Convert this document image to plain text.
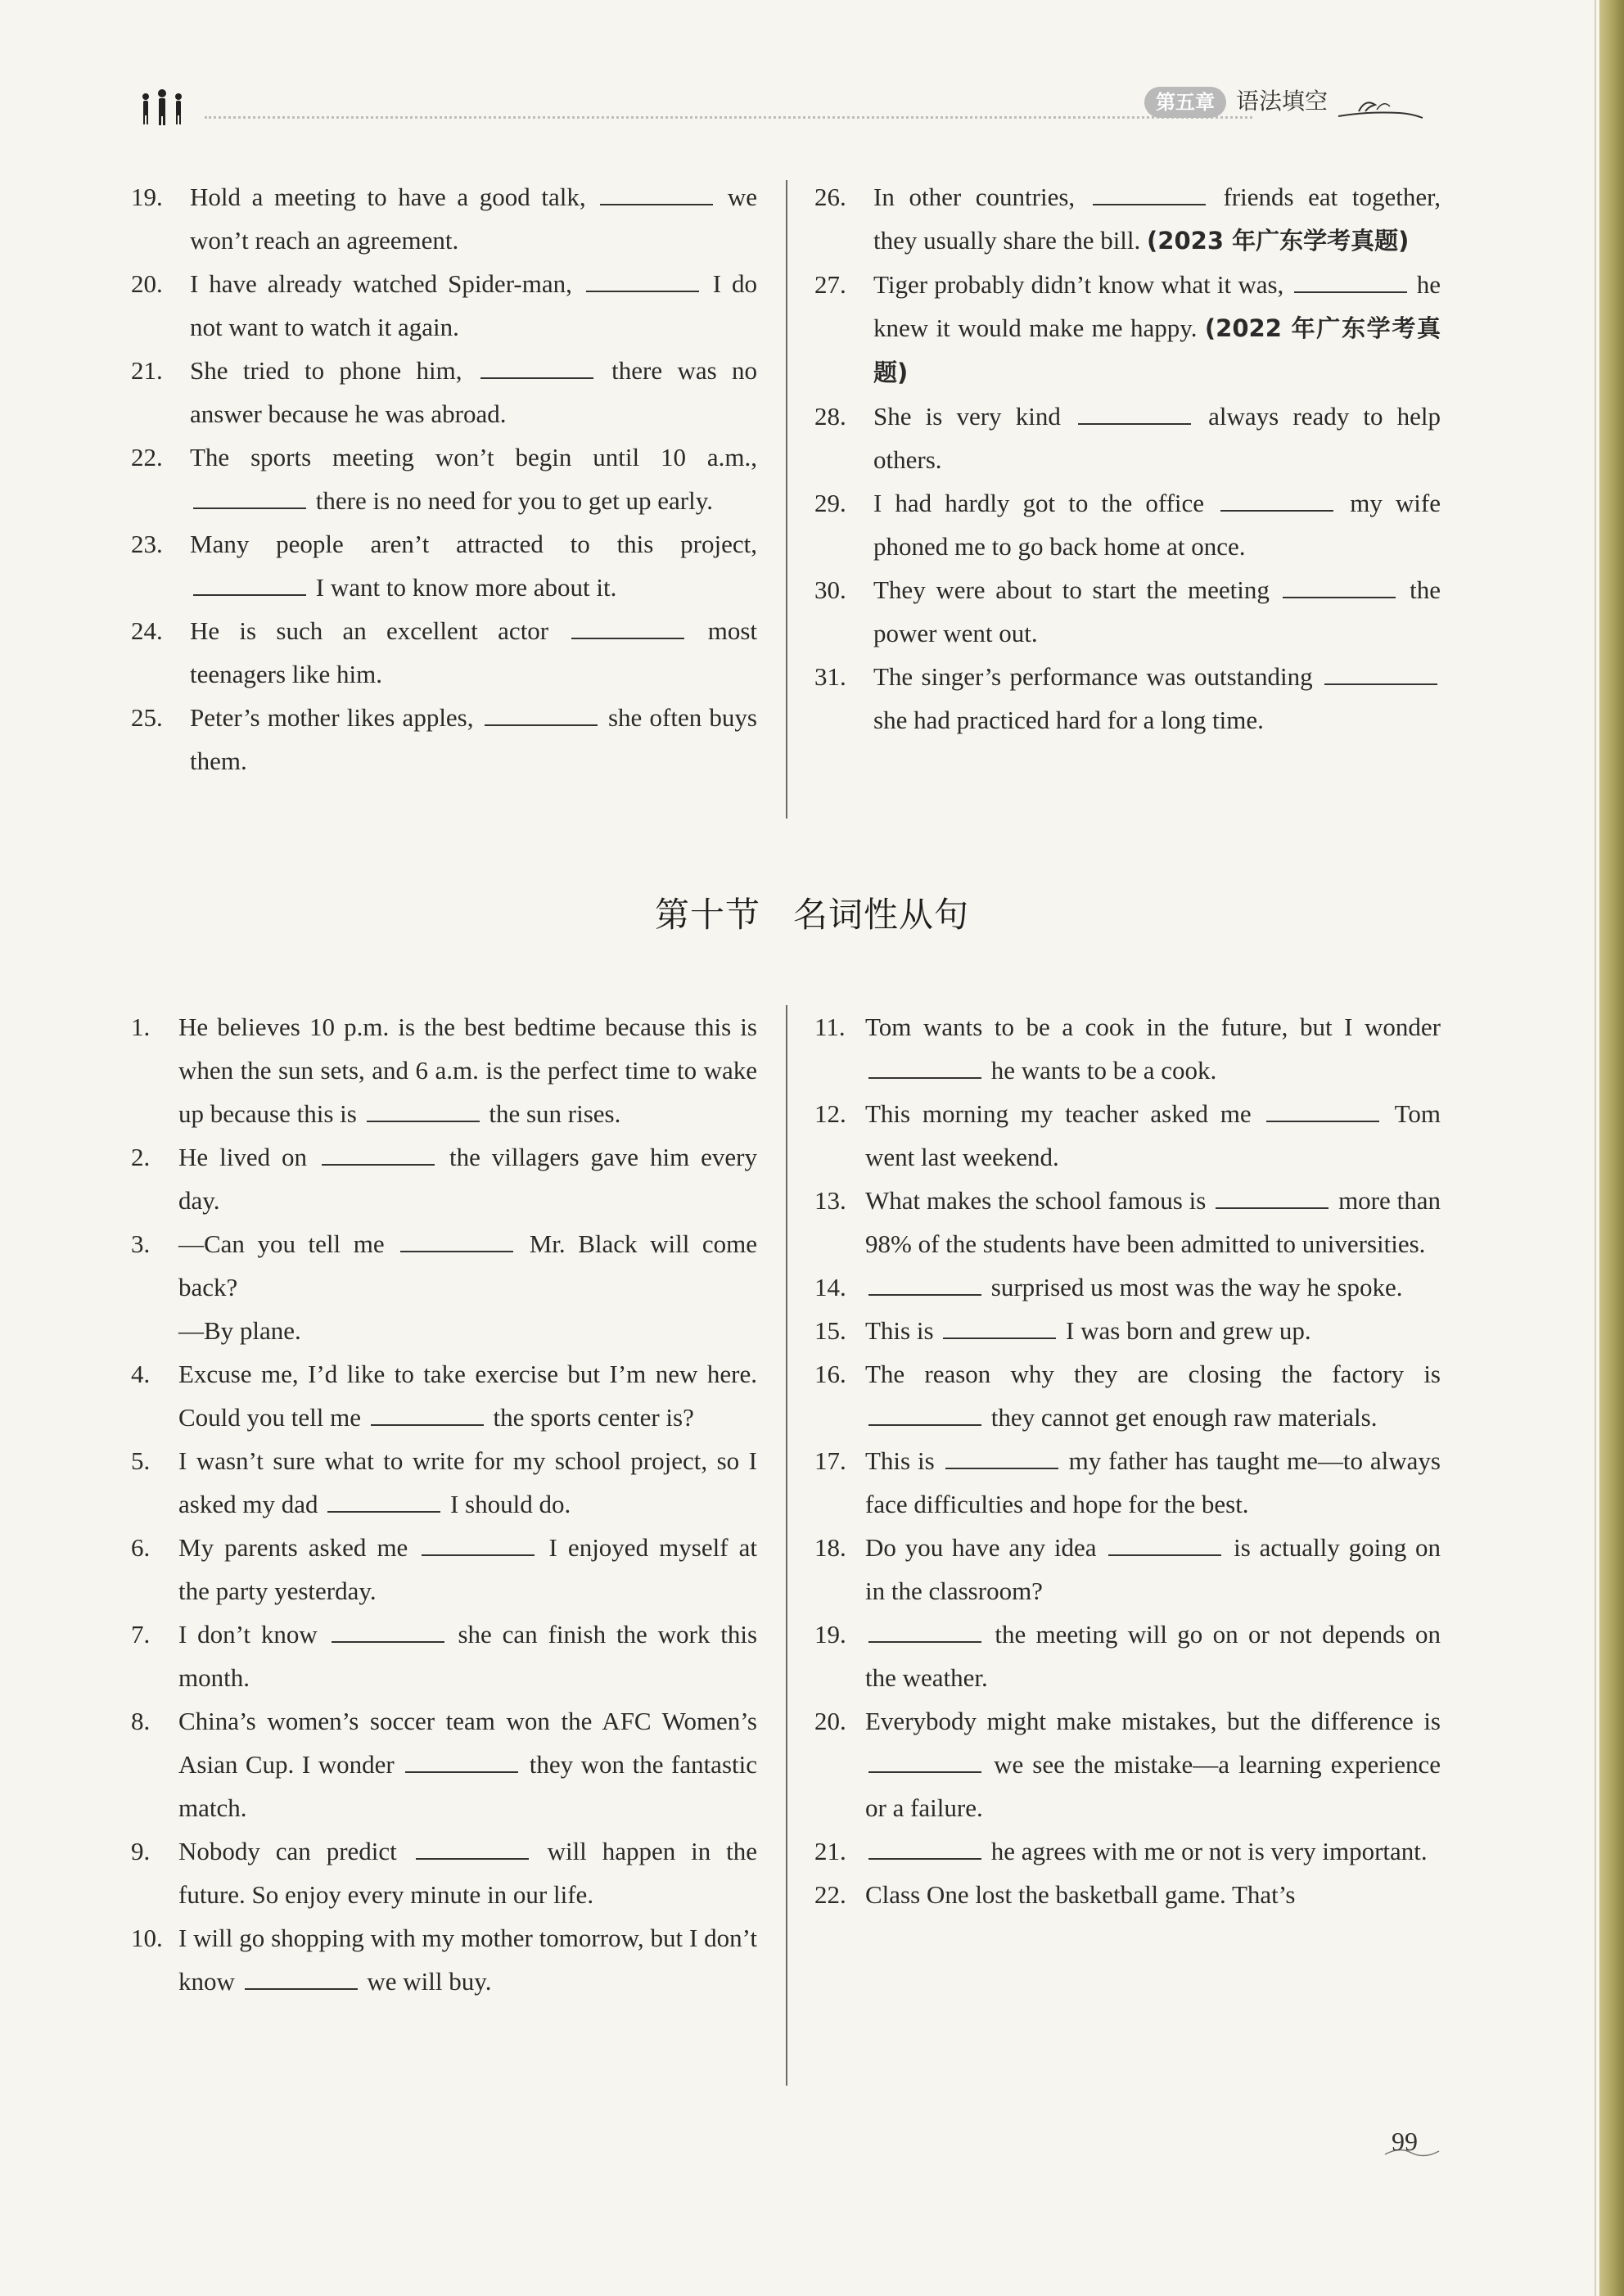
第五章 语法填空
19. Hold a meeting to have a good talk,	we won’t reach an agreement.
20. I have already watched Spider-man,	I do not want to watch it again.
21. She tried to phone him,	there was no answer because he was abroad.
22. The sports meeting won’t begin until 10 a.m.,  there is no need for you to get up early.
23. Many people aren’t attracted to this project,  I want to know more about it.
24. He is such an excellent actor	most teenagers like him.
25. Peter’s mother likes apples,	she often buys them.
26. In other countries,	friends eat together, they usually share the bill. (2023 年广东学考真题)
27. Tiger probably didn’t know what it was,	he knew it would make me happy. (2022 年广东学考真题)
28. She is very kind	always ready to help others.
29. I had hardly got to the office	my wife phoned me to go back home at once.
30. They were about to start the meeting	the power went out.
31. The singer’s performance was outstanding  she had practiced hard for a long time.
第十节 名词性从句
1. He believes 10 p.m. is the best bedtime because this is when the sun sets, and 6 a.m. is the perfect time to wake up because this is	the sun rises.
2. He lived on	the villagers gave him every day.
3. —Can you tell me	Mr. Black will come back?
—By plane.
4. Excuse me, I’d like to take exercise but I’m new here. Could you tell me	the sports center is?
5. I wasn’t sure what to write for my school project, so I asked my dad	I should do.
6. My parents asked me	I enjoyed myself at the party yesterday.
7. I don’t know	she can finish the work this month.
8. China’s women’s soccer team won the AFC Women’s Asian Cup. I wonder	they won the fantastic match.
9. Nobody can predict	will happen in the future. So enjoy every minute in our life.
10. I will go shopping with my mother tomorrow, but I don’t know	we will buy.
11. Tom wants to be a cook in the future, but I wonder  he wants to be a cook.
12. This morning my teacher asked me	Tom went last weekend.
13. What makes the school famous is	more than 98% of the students have been admitted to universities.
14.	surprised us most was the way he spoke.
15. This is	I was born and grew up.
16. The reason why they are closing the factory is  they cannot get enough raw materials.
17. This is	my father has taught me—to always face difficulties and hope for the best.
18. Do you have any idea	is actually going on in the classroom?
19.	the meeting will go on or not depends on the weather.
20. Everybody might make mistakes, but the difference is  we see the mistake—a learning experience or a failure.
21.	he agrees with me or not is very important.
22. Class One lost the basketball game. That’s
99
